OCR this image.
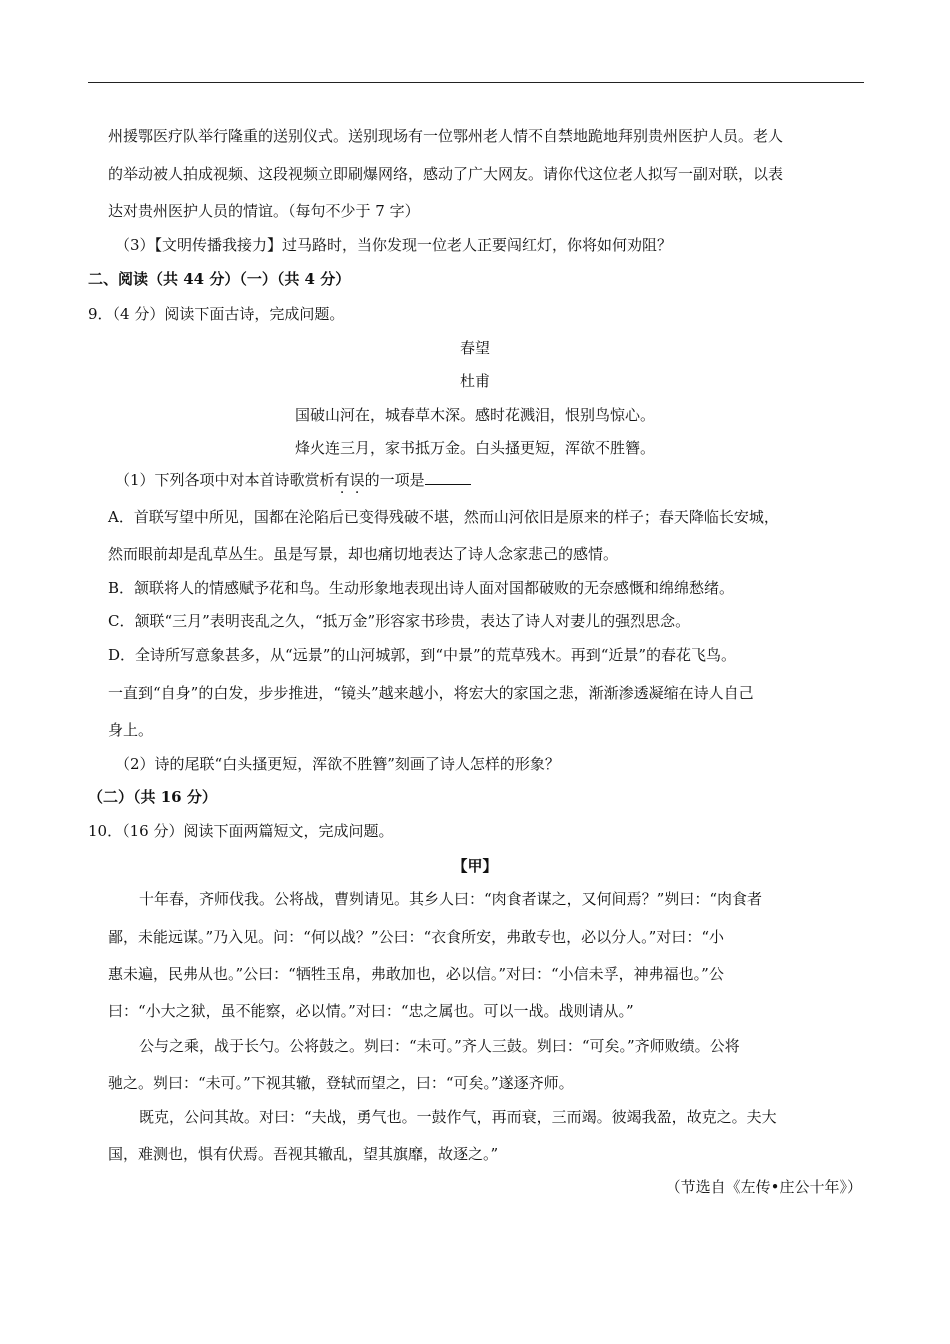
州援鄂医疗队举行隆重的送别仪式。送别现场有一位鄂州老人情不自禁地跪地拜别贵州医护人员。老人
的举动被人拍成视频、这段视频立即刷爆网络，感动了广大网友。请你代这位老人拟写一副对联，以表
达对贵州医护人员的情谊。（每句不少于 7 字）
（3）【文明传播我接力】过马路时，当你发现一位老人正要闯红灯，你将如何劝阻？
二、阅读（共 44 分）（一）（共 4 分）
9．（4 分）阅读下面古诗，完成问题。
春望
杜甫
国破山河在，城春草木深。感时花溅泪，恨别鸟惊心。
烽火连三月，家书抵万金。白头搔更短，浑欲不胜簪。
（1）下列各项中对本首诗歌赏析有误的一项是
A．首联写望中所见，国都在沦陷后已变得残破不堪，然而山河依旧是原来的样子；春天降临长安城，
然而眼前却是乱草丛生。虽是写景，却也痛切地表达了诗人念家悲己的感情。
B．颔联将人的情感赋予花和鸟。生动形象地表现出诗人面对国都破败的无奈感慨和绵绵愁绪。
C．颔联“三月”表明丧乱之久，“抵万金”形容家书珍贵，表达了诗人对妻儿的强烈思念。
D．全诗所写意象甚多，从“远景”的山河城郭，到“中景”的荒草残木。再到“近景”的春花飞鸟。
一直到“自身”的白发，步步推进，“镜头”越来越小，将宏大的家国之悲，渐渐渗透凝缩在诗人自己
身上。
（2）诗的尾联“白头搔更短，浑欲不胜簪”刻画了诗人怎样的形象？
（二）（共 16 分）
10．（16 分）阅读下面两篇短文，完成问题。
【甲】
十年春，齐师伐我。公将战，曹刿请见。其乡人曰：“肉食者谋之，又何间焉？”刿曰：“肉食者
鄙，未能远谋。”乃入见。问：“何以战？”公曰：“衣食所安，弗敢专也，必以分人。”对曰：“小
惠未遍，民弗从也。”公曰：“牺牲玉帛，弗敢加也，必以信。”对曰：“小信未孚，神弗福也。”公
曰：“小大之狱，虽不能察，必以情。”对曰：“忠之属也。可以一战。战则请从。”
公与之乘，战于长勺。公将鼓之。刿曰：“未可。”齐人三鼓。刿曰：“可矣。”齐师败绩。公将
驰之。刿曰：“未可。”下视其辙，登轼而望之，曰：“可矣。”遂逐齐师。
既克，公问其故。对曰：“夫战，勇气也。一鼓作气，再而衰，三而竭。彼竭我盈，故克之。夫大
国，难测也，惧有伏焉。吾视其辙乱，望其旗靡，故逐之。”
（节选自《左传•庄公十年》）
